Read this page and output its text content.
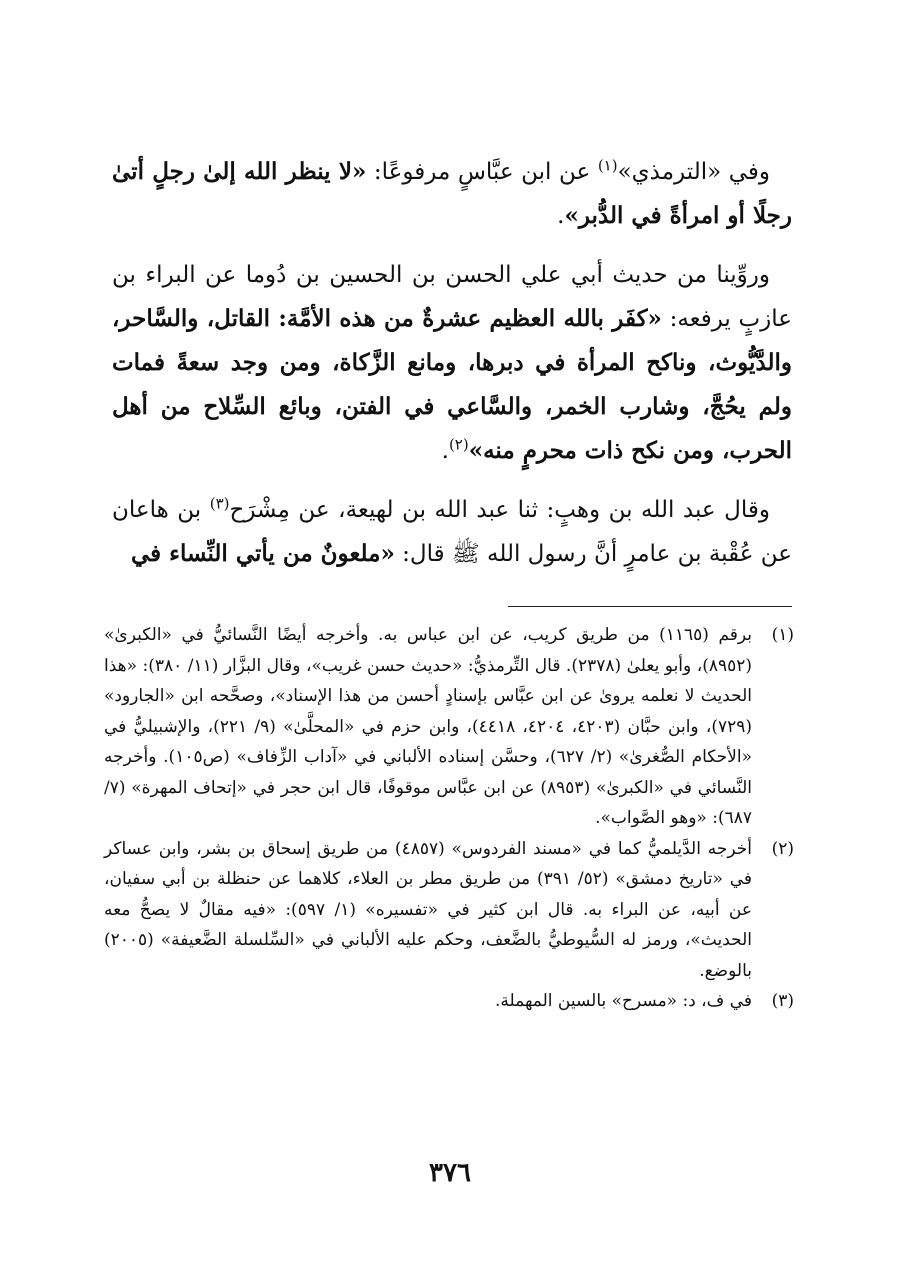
وفي «الترمذي»$^{(١)}$ عن ابن عبَّاسٍ مرفوعًا: «لا ينظر الله إلىٰ رجلٍ أتىٰ رجلًا أو امرأةً في الدُّبر».

وروِّينا من حديث أبي علي الحسن بن الحسين بن دُوما عن البراء بن عازبٍ يرفعه: «كفَر بالله العظيم عشرةٌ من هذه الأمَّة: القاتل، والسَّاحر، والدَّيُّوث، وناكح المرأة في دبرها، ومانع الزَّكاة، ومن وجد سعةً فمات ولم يحُجَّ، وشارب الخمر، والسَّاعي في الفتن، وبائع السِّلاح من أهل الحرب، ومن نكح ذات محرمٍ منه»$^{(٢)}$.

وقال عبد الله بن وهبٍ: ثنا عبد الله بن لهيعة، عن مِشْرَح$^{(٣)}$ بن هاعان عن عُقْبة بن عامرٍ أنَّ رسول الله ﷺ قال: «ملعونٌ من يأتي النِّساء في

(١)
برقم (١١٦٥) من طريق كريب، عن ابن عباس به. وأخرجه أيضًا النَّسائيُّ في «الكبرىٰ» (٨٩٥٢)، وأبو يعلىٰ (٢٣٧٨). قال التِّرمذيُّ: «حديث حسن غريب»، وقال البزَّار (١١/ ٣٨٠): «هذا الحديث لا نعلمه يروىٰ عن ابن عبَّاس بإسنادٍ أحسن من هذا الإسناد»، وصحَّحه ابن «الجارود» (٧٢٩)، وابن حبَّان (٤٢٠٣، ٤٢٠٤، ٤٤١٨)، وابن حزم في «المحلَّىٰ» (٩/ ٢٢١)، والإشبيليُّ في «الأحكام الصُّغرىٰ» (٢/ ٦٢٧)، وحسَّن إسناده الألباني في «آداب الزِّفاف» (ص١٠٥). وأخرجه النَّسائي في «الكبرىٰ» (٨٩٥٣) عن ابن عبَّاس موقوفًا، قال ابن حجر في «إتحاف المهرة» (٧/ ٦٨٧): «وهو الصَّواب».

(٢)
أخرجه الدَّيلميُّ كما في «مسند الفردوس» (٤٨٥٧) من طريق إسحاق بن بشر، وابن عساكر في «تاريخ دمشق» (٥٢/ ٣٩١) من طريق مطر بن العلاء، كلاهما عن حنظلة بن أبي سفيان، عن أبيه، عن البراء به. قال ابن كثير في «تفسيره» (١/ ٥٩٧): «فيه مقالٌ لا يصحُّ معه الحديث»، ورمز له السُّيوطيُّ بالضَّعف، وحكم عليه الألباني في «السِّلسلة الضَّعيفة» (٢٠٠٥) بالوضع.

(٣)
في ف، د: «مسرح» بالسين المهملة.

٣٧٦
